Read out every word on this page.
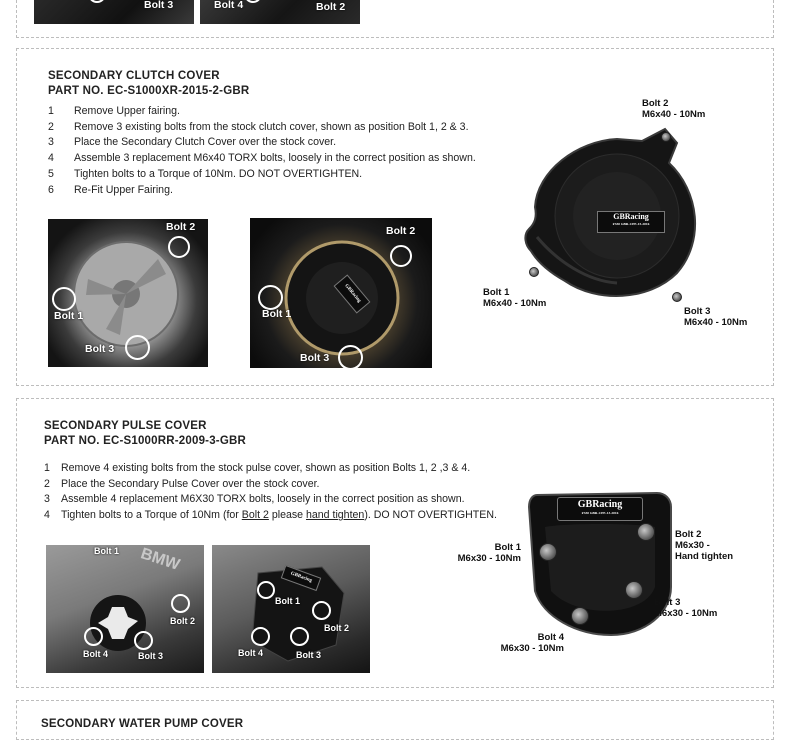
Bolt 3	Bolt 4	Bolt 2
SECONDARY CLUTCH COVER
PART NO. EC-S1000XR-2015-2-GBR
1 Remove Upper fairing.
2 Remove 3 existing bolts from the stock clutch cover, shown as position Bolt 1, 2 & 3.
3 Place the Secondary Clutch Cover over the stock cover.
4 Assemble 3 replacement M6x40 TORX bolts, loosely in the correct position as shown.
5 Tighten bolts to a Torque of 10Nm. DO NOT OVERTIGHTEN.
6 Re-Fit Upper Fairing.
Bolt 2
Bolt 1
Bolt 3
GBRacing
Bolt 2
Bolt 1
Bolt 3
GBRacing
F330 GBR-CPE-15-2016
Bolt 2
M6x40 - 10Nm
Bolt 1
M6x40 - 10Nm
Bolt 3
M6x40 - 10Nm
SECONDARY PULSE COVER
PART NO. EC-S1000RR-2009-3-GBR
1 Remove 4 existing bolts from the stock pulse cover, shown as position Bolts 1, 2 ,3 & 4.
2 Place the Secondary Pulse Cover over the stock cover.
3 Assemble 4 replacement M6X30 TORX bolts, loosely in the correct position as shown.
4 Tighten bolts to a Torque of 10Nm (for Bolt 2 please hand tighten). DO NOT OVERTIGHTEN.
BMW
Bolt 1
Bolt 2
Bolt 4	Bolt 3
GBRacing
Bolt 1
Bolt 2
Bolt 4	Bolt 3
GBRacing
F330 GBR-CPE-13-2016
Bolt 1
M6x30 - 10Nm
Bolt 2
M6x30 -
Hand tighten
Bolt 3
M6x30 - 10Nm
Bolt 4
M6x30 - 10Nm
SECONDARY WATER PUMP COVER
